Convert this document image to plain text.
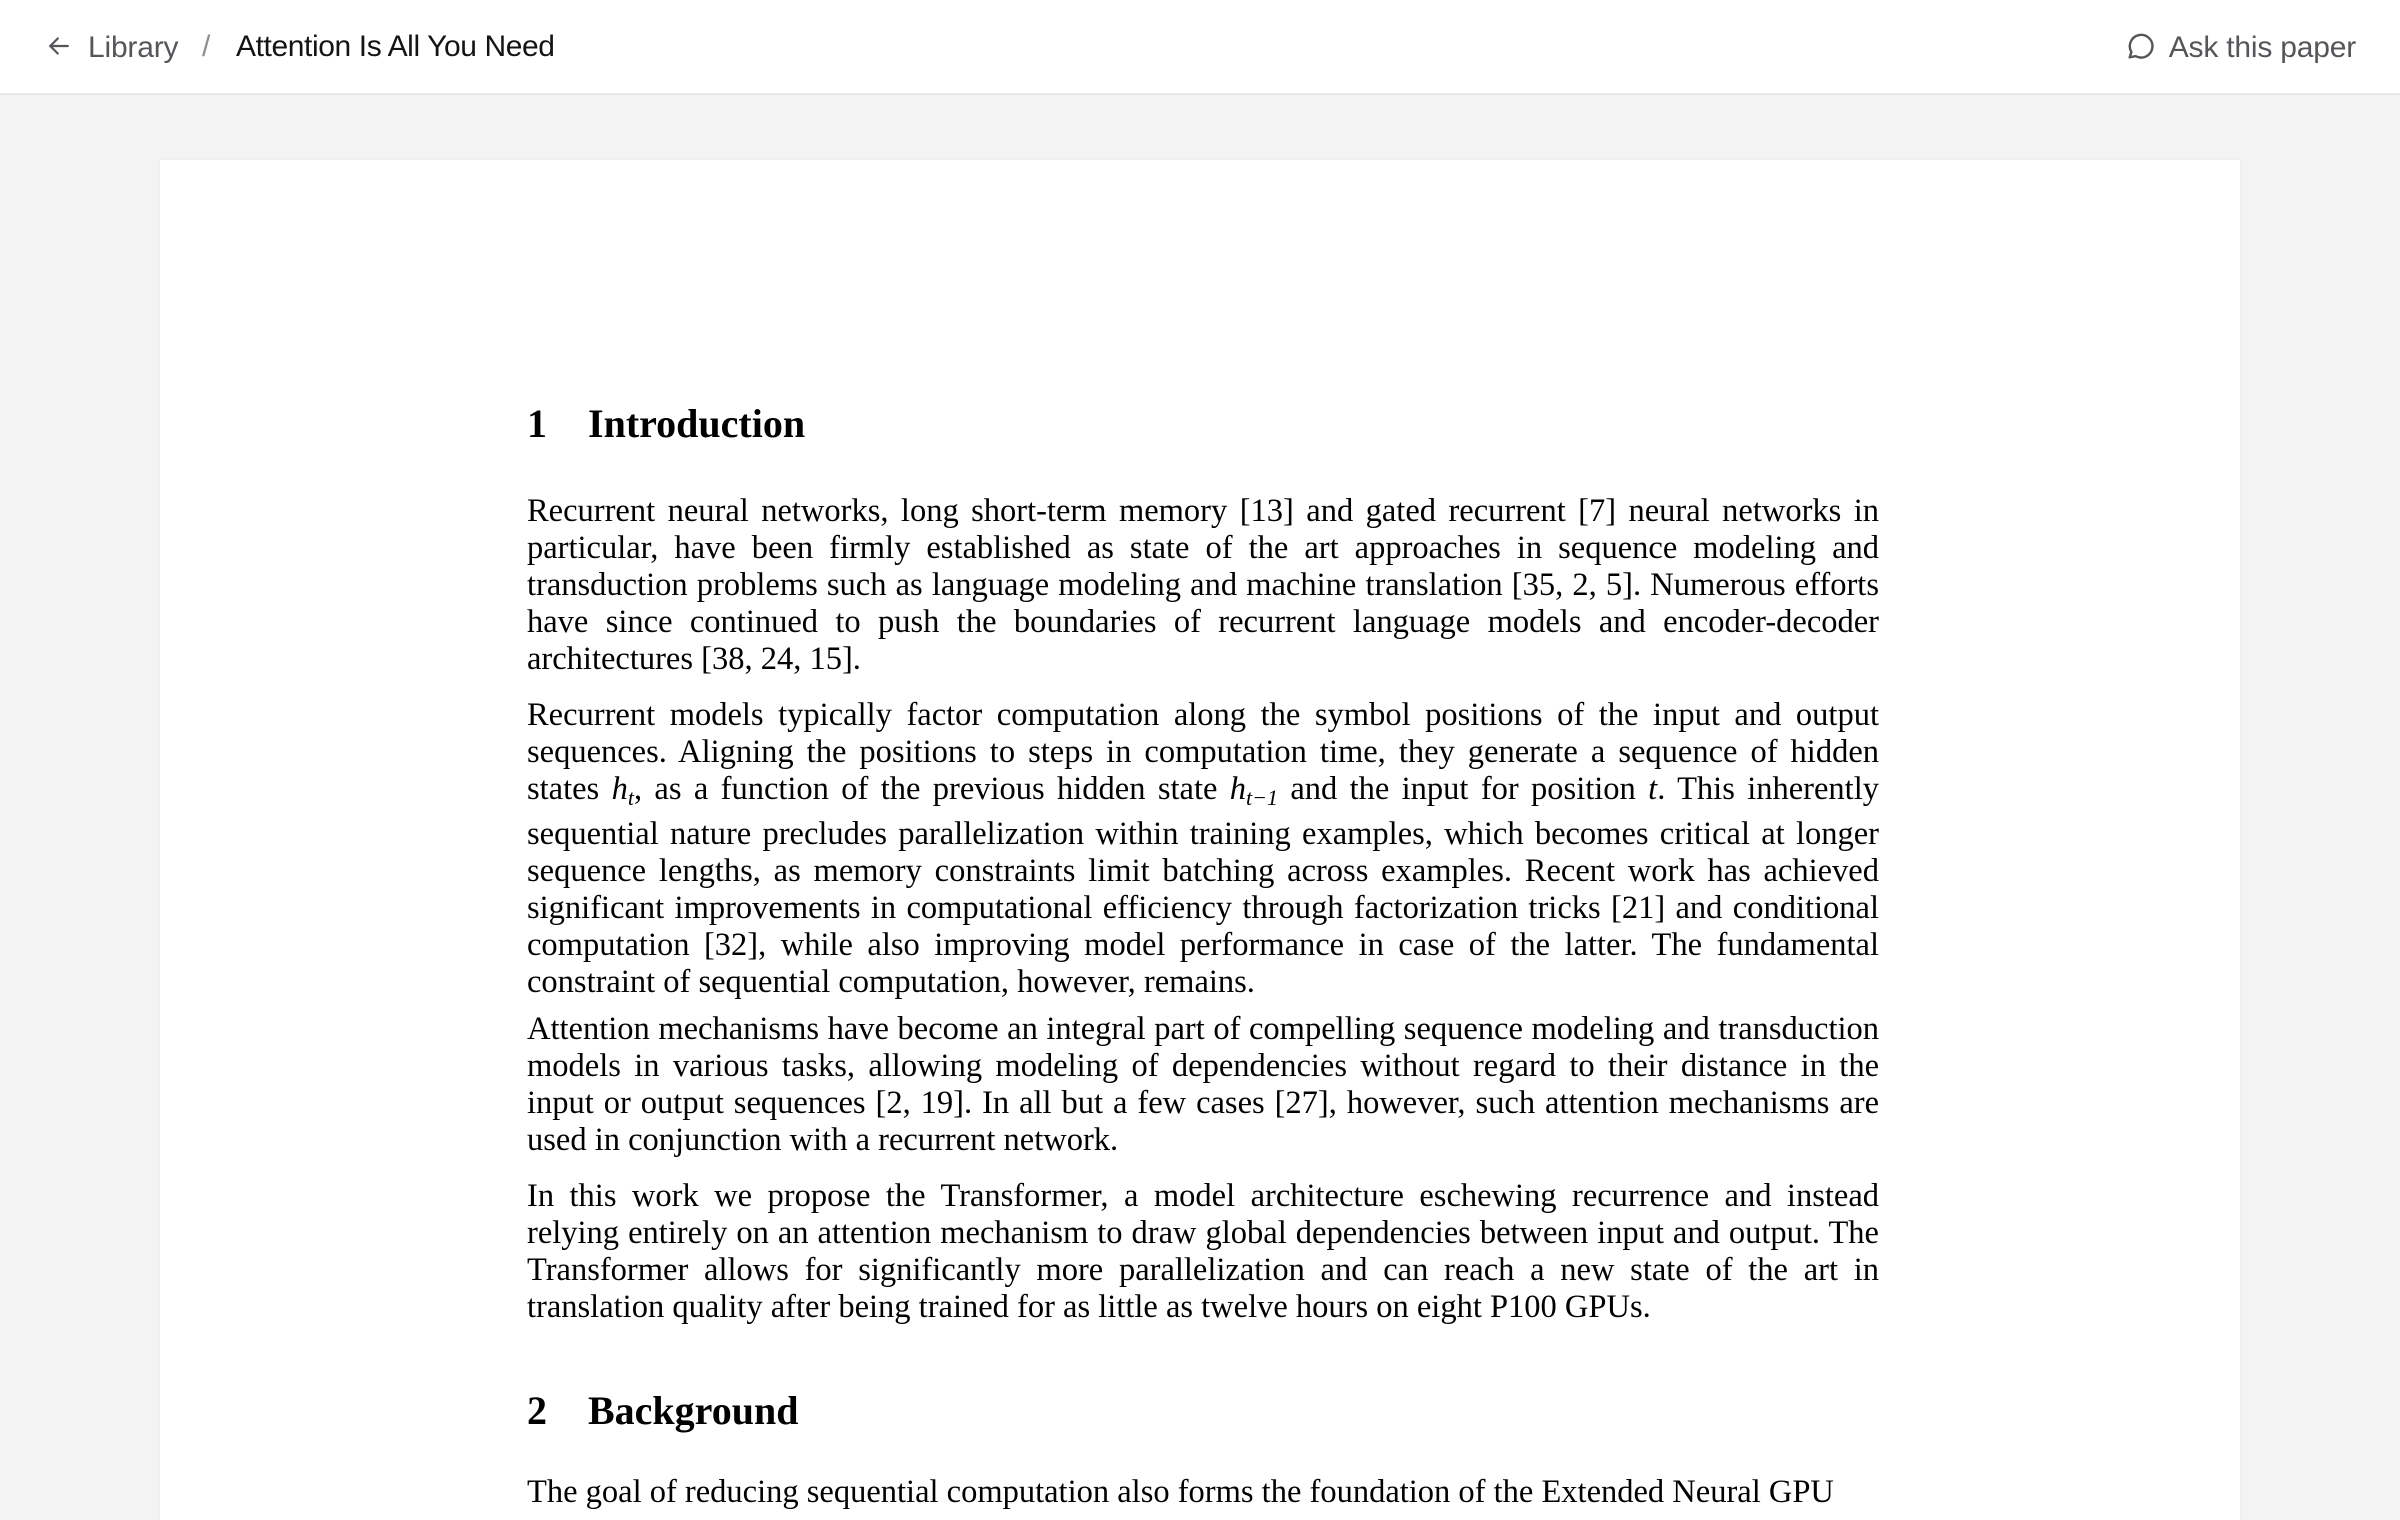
Library / Attention Is All You Need	Ask this paper
1	Introduction

Recurrent neural networks, long short-term memory [13] and gated recurrent [7] neural networks in particular, have been firmly established as state of the art approaches in sequence modeling and transduction problems such as language modeling and machine translation [35, 2, 5]. Numerous efforts have since continued to push the boundaries of recurrent language models and encoder-decoder architectures [38, 24, 15].

Recurrent models typically factor computation along the symbol positions of the input and output sequences. Aligning the positions to steps in computation time, they generate a sequence of hidden states $h_t$, as a function of the previous hidden state $h_{t-1}$ and the input for position t. This inherently sequential nature precludes parallelization within training examples, which becomes critical at longer sequence lengths, as memory constraints limit batching across examples. Recent work has achieved significant improvements in computational efficiency through factorization tricks [21] and conditional computation [32], while also improving model performance in case of the latter. The fundamental constraint of sequential computation, however, remains.

Attention mechanisms have become an integral part of compelling sequence modeling and transduction models in various tasks, allowing modeling of dependencies without regard to their distance in the input or output sequences [2, 19]. In all but a few cases [27], however, such attention mechanisms are used in conjunction with a recurrent network.

In this work we propose the Transformer, a model architecture eschewing recurrence and instead relying entirely on an attention mechanism to draw global dependencies between input and output. The Transformer allows for significantly more parallelization and can reach a new state of the art in translation quality after being trained for as little as twelve hours on eight P100 GPUs.

2	Background

The goal of reducing sequential computation also forms the foundation of the Extended Neural GPU
